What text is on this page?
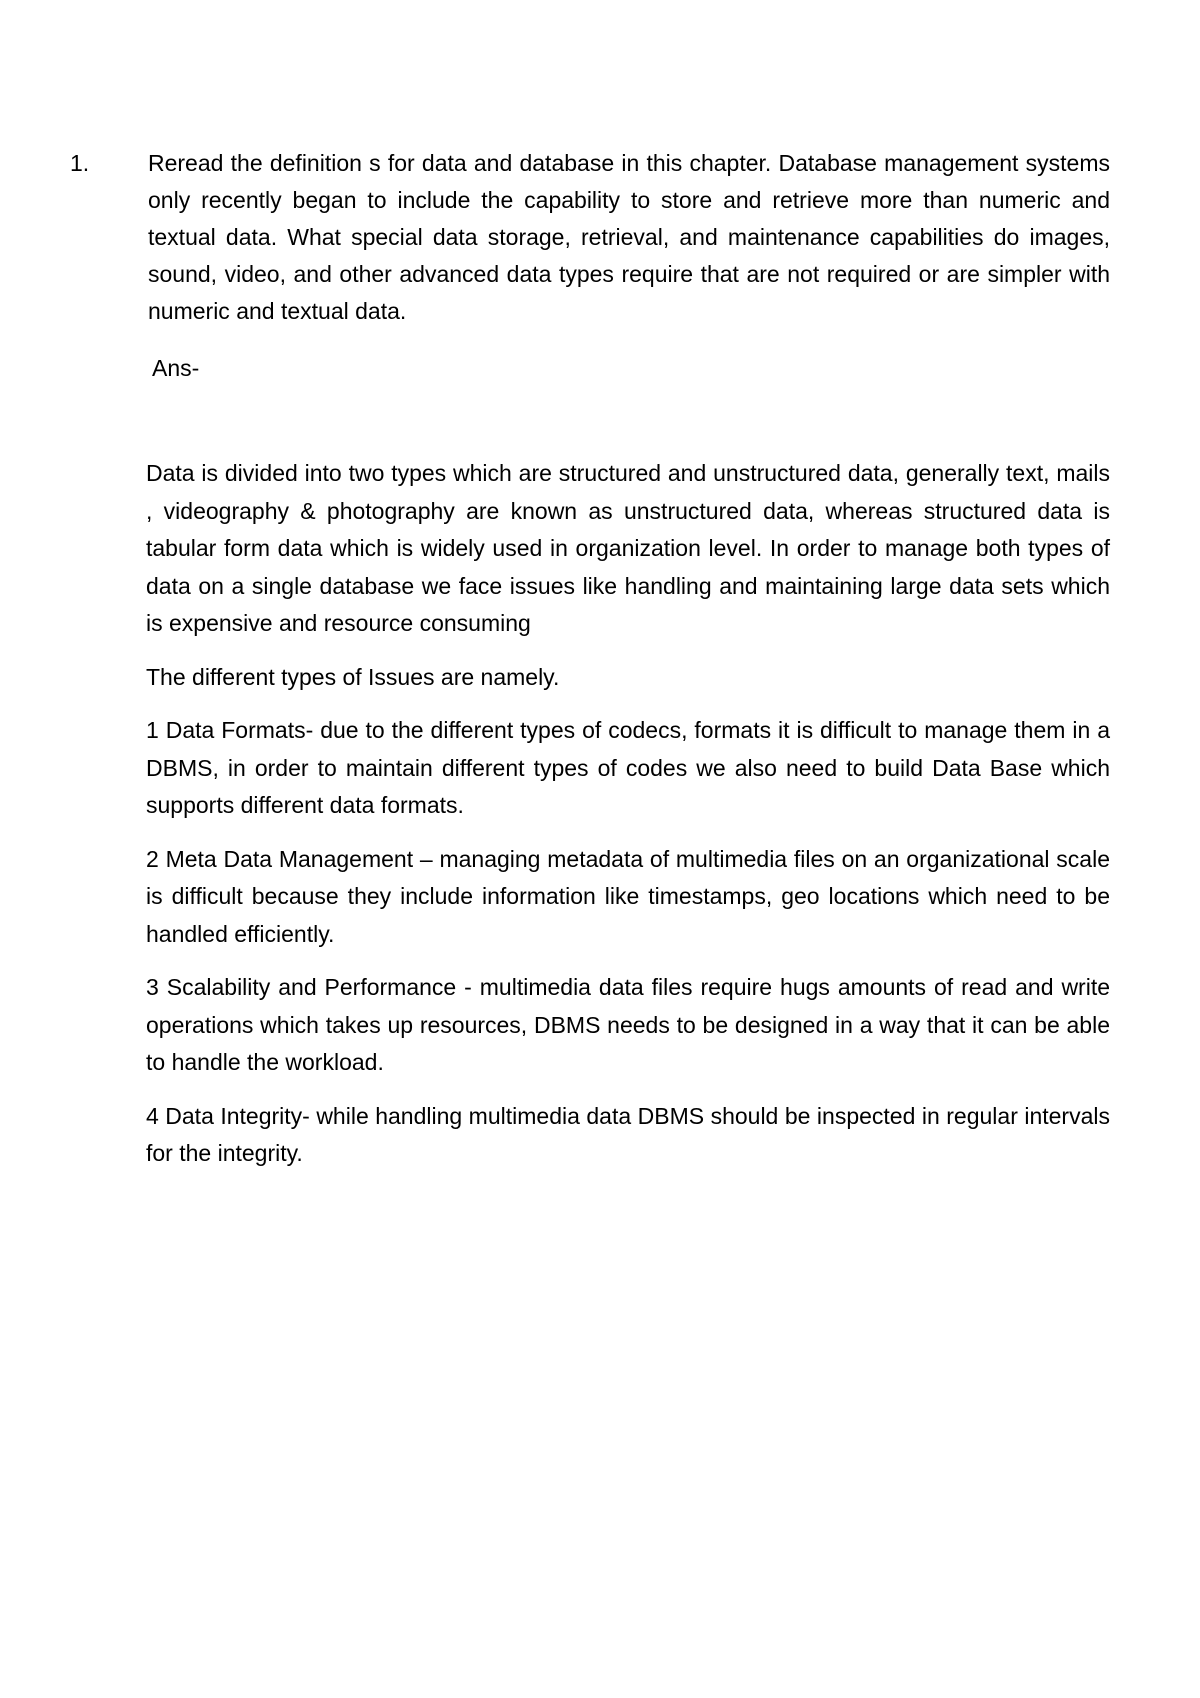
1.	Reread the definition s for data and database in this chapter. Database management systems only recently began to include the capability to store and retrieve more than numeric and textual data. What special data storage, retrieval, and maintenance capabilities do images, sound, video, and other advanced data types require that are not required or are simpler with numeric and textual data.
Ans-

Data is divided into two types which are structured and unstructured data, generally text, mails , videography & photography are known as unstructured data, whereas structured data is tabular form data which is widely used in organization level. In order to manage both types of data on a single database we face issues like handling and maintaining large data sets which is expensive and resource consuming

The different types of Issues are namely.

1 Data Formats- due to the different types of codecs, formats it is difficult to manage them in a DBMS, in order to maintain different types of codes we also need to build Data Base which supports different data formats.

2 Meta Data Management – managing metadata of multimedia files on an organizational scale is difficult because they include information like timestamps, geo locations which need to be handled efficiently.

3 Scalability and Performance - multimedia data files require hugs amounts of read and write operations which takes up resources, DBMS needs to be designed in a way that it can be able to handle the workload.

4 Data Integrity- while handling multimedia data DBMS should be inspected in regular intervals for the integrity.
